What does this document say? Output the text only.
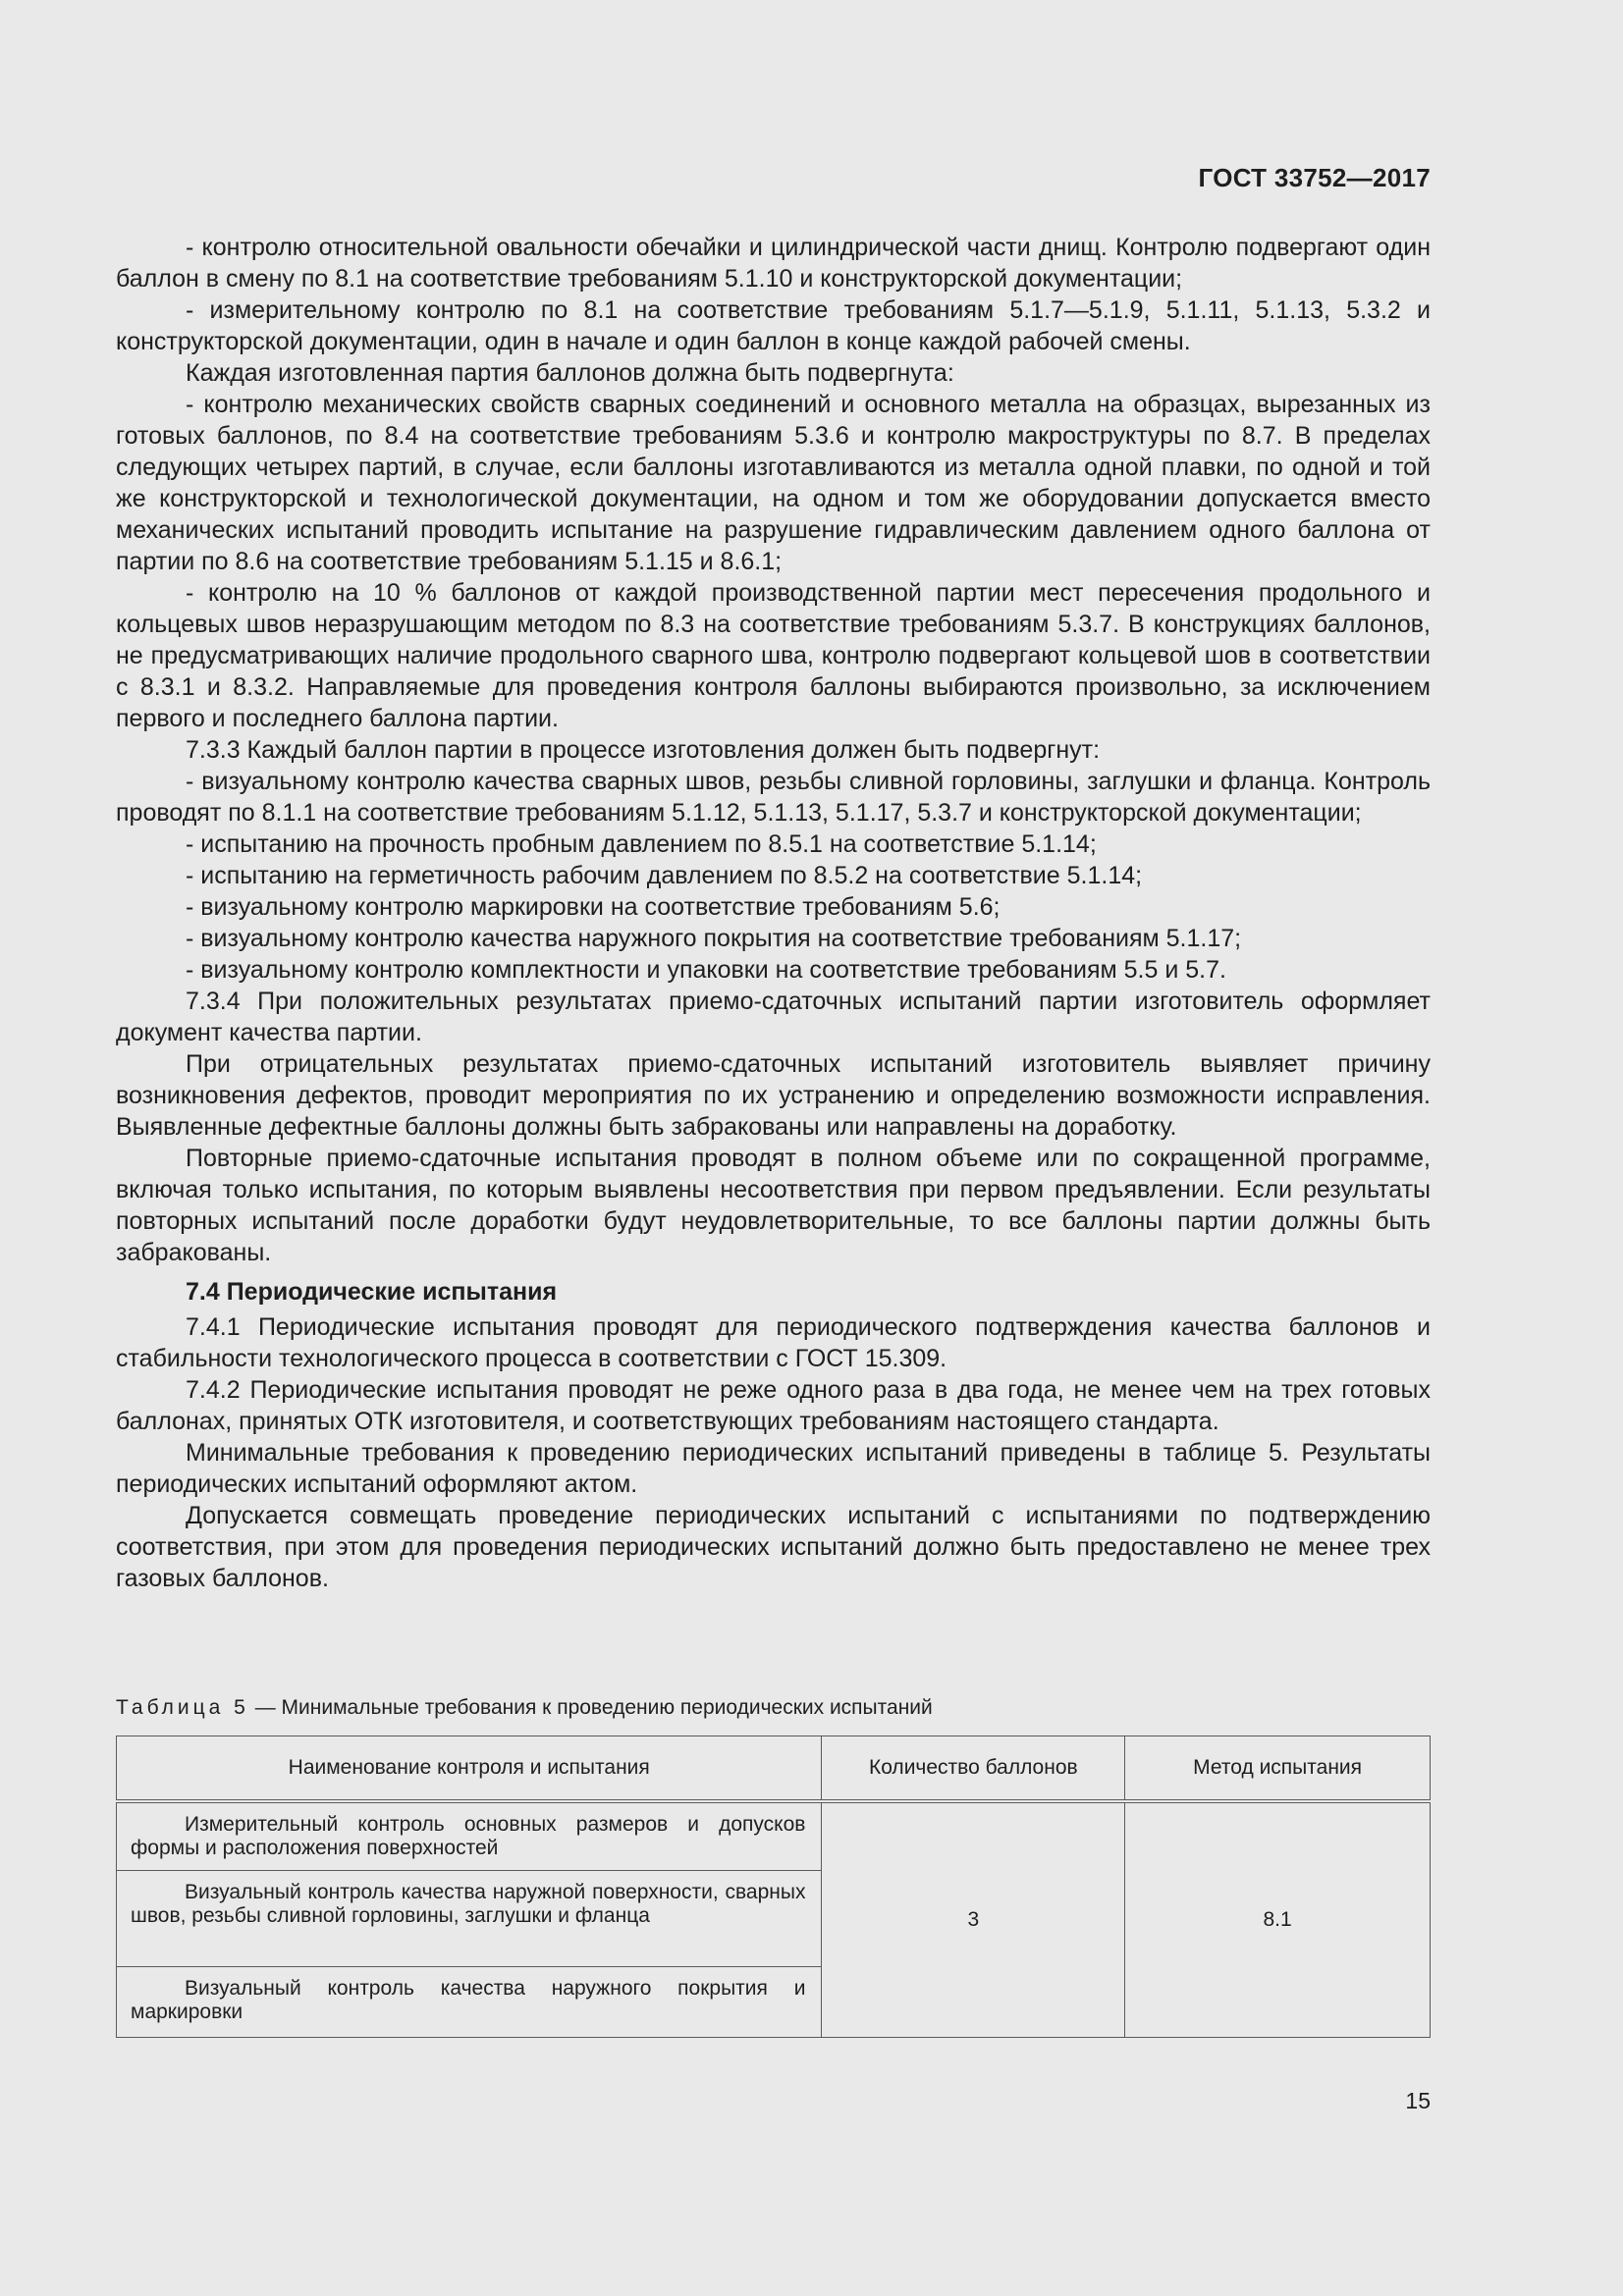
ГОСТ 33752—2017

- контролю относительной овальности обечайки и цилиндрической части днищ. Контролю подвергают один баллон в смену по 8.1 на соответствие требованиям 5.1.10 и конструкторской документации;

- измерительному контролю по 8.1 на соответствие требованиям 5.1.7—5.1.9, 5.1.11, 5.1.13, 5.3.2 и конструкторской документации, один в начале и один баллон в конце каждой рабочей смены.

Каждая изготовленная партия баллонов должна быть подвергнута:

- контролю механических свойств сварных соединений и основного металла на образцах, вырезанных из готовых баллонов, по 8.4 на соответствие требованиям 5.3.6 и контролю макроструктуры по 8.7. В пределах следующих четырех партий, в случае, если баллоны изготавливаются из металла одной плавки, по одной и той же конструкторской и технологической документации, на одном и том же оборудовании допускается вместо механических испытаний проводить испытание на разрушение гидравлическим давлением одного баллона от партии по 8.6 на соответствие требованиям 5.1.15 и 8.6.1;

- контролю на 10 % баллонов от каждой производственной партии мест пересечения продольного и кольцевых швов неразрушающим методом по 8.3 на соответствие требованиям 5.3.7. В конструкциях баллонов, не предусматривающих наличие продольного сварного шва, контролю подвергают кольцевой шов в соответствии с 8.3.1 и 8.3.2. Направляемые для проведения контроля баллоны выбираются произвольно, за исключением первого и последнего баллона партии.

7.3.3 Каждый баллон партии в процессе изготовления должен быть подвергнут:

- визуальному контролю качества сварных швов, резьбы сливной горловины, заглушки и фланца. Контроль проводят по 8.1.1 на соответствие требованиям 5.1.12, 5.1.13, 5.1.17, 5.3.7 и конструкторской документации;

- испытанию на прочность пробным давлением по 8.5.1 на соответствие 5.1.14;

- испытанию на герметичность рабочим давлением по 8.5.2 на соответствие 5.1.14;

- визуальному контролю маркировки на соответствие требованиям 5.6;

- визуальному контролю качества наружного покрытия на соответствие требованиям 5.1.17;

- визуальному контролю комплектности и упаковки на соответствие требованиям 5.5 и 5.7.

7.3.4 При положительных результатах приемо-сдаточных испытаний партии изготовитель оформляет документ качества партии.

При отрицательных результатах приемо-сдаточных испытаний изготовитель выявляет причину возникновения дефектов, проводит мероприятия по их устранению и определению возможности исправления. Выявленные дефектные баллоны должны быть забракованы или направлены на доработку.

Повторные приемо-сдаточные испытания проводят в полном объеме или по сокращенной программе, включая только испытания, по которым выявлены несоответствия при первом предъявлении. Если результаты повторных испытаний после доработки будут неудовлетворительные, то все баллоны партии должны быть забракованы.

7.4 Периодические испытания

7.4.1 Периодические испытания проводят для периодического подтверждения качества баллонов и стабильности технологического процесса в соответствии с ГОСТ 15.309.

7.4.2 Периодические испытания проводят не реже одного раза в два года, не менее чем на трех готовых баллонах, принятых ОТК изготовителя, и соответствующих требованиям настоящего стандарта.

Минимальные требования к проведению периодических испытаний приведены в таблице 5. Результаты периодических испытаний оформляют актом.

Допускается совмещать проведение периодических испытаний с испытаниями по подтверждению соответствия, при этом для проведения периодических испытаний должно быть предоставлено не менее трех газовых баллонов.

Таблица 5 — Минимальные требования к проведению периодических испытаний
Наименование контроля и испытания	Количество баллонов	Метод испытания
Измерительный контроль основных размеров и допусков формы и расположения поверхностей	3	8.1
Визуальный контроль качества наружной поверхности, сварных швов, резьбы сливной горловины, заглушки и фланца		
Визуальный контроль качества наружного покрытия и маркировки		
15
